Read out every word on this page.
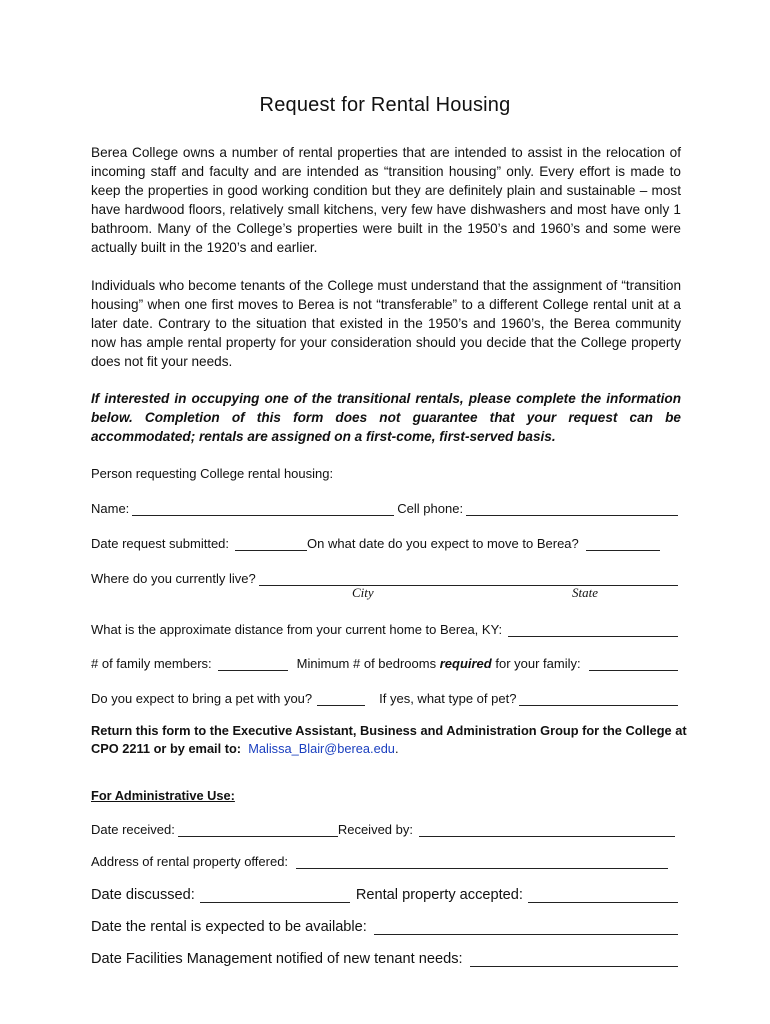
Request for Rental Housing
Berea College owns a number of rental properties that are intended to assist in the relocation of incoming staff and faculty and are intended as “transition housing” only. Every effort is made to keep the properties in good working condition but they are definitely plain and sustainable – most have hardwood floors, relatively small kitchens, very few have dishwashers and most have only 1 bathroom. Many of the College’s properties were built in the 1950’s and 1960’s and some were actually built in the 1920’s and earlier.
Individuals who become tenants of the College must understand that the assignment of “transition housing” when one first moves to Berea is not “transferable” to a different College rental unit at a later date. Contrary to the situation that existed in the 1950’s and 1960’s, the Berea community now has ample rental property for your consideration should you decide that the College property does not fit your needs.
If interested in occupying one of the transitional rentals, please complete the information below. Completion of this form does not guarantee that your request can be accommodated; rentals are assigned on a first-come, first-served basis.
Person requesting College rental housing:
Name:	Cell phone:
Date request submitted:	On what date do you expect to move to Berea?
Where do you currently live?
City	State
What is the approximate distance from your current home to Berea, KY:
# of family members:	Minimum # of bedrooms required for your family:
Do you expect to bring a pet with you?	If yes, what type of pet?
Return this form to the Executive Assistant, Business and Administration Group for the College at
CPO 2211 or by email to: Malissa_Blair@berea.edu.
For Administrative Use:
Date received:	Received by:
Address of rental property offered:
Date discussed:	Rental property accepted:
Date the rental is expected to be available:
Date Facilities Management notified of new tenant needs:
